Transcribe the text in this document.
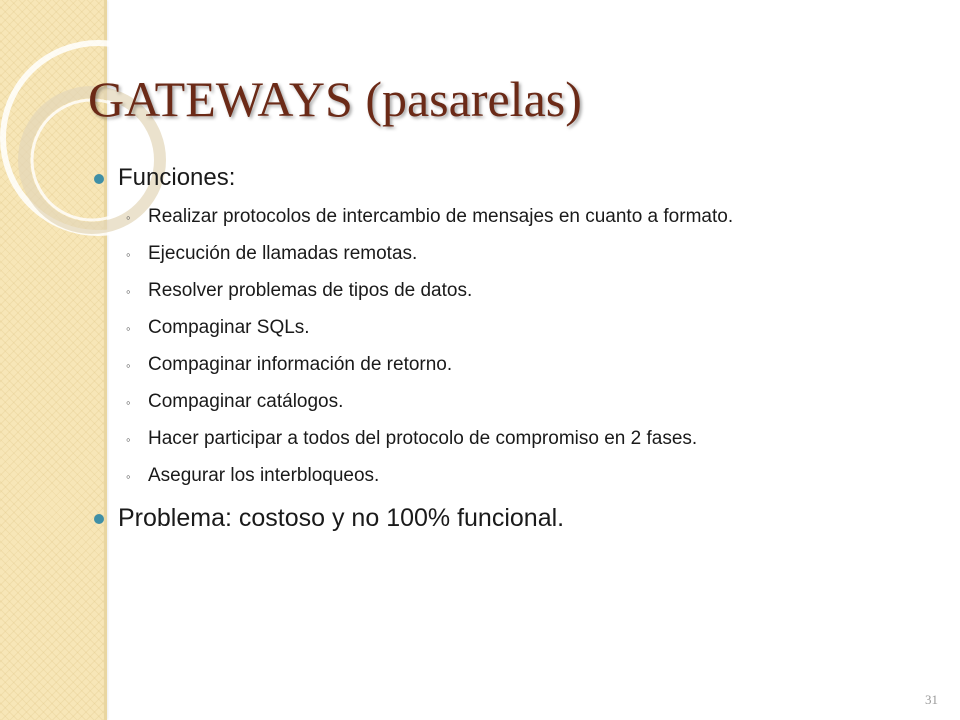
GATEWAYS (pasarelas)
Funciones:
◦ Realizar protocolos de intercambio de mensajes en cuanto a formato.
◦ Ejecución de llamadas remotas.
◦ Resolver problemas de tipos de datos.
◦ Compaginar SQLs.
◦ Compaginar información de retorno.
◦ Compaginar catálogos.
◦ Hacer participar a todos del protocolo de compromiso en 2 fases.
◦ Asegurar los interbloqueos.
Problema: costoso y no 100% funcional.
31
